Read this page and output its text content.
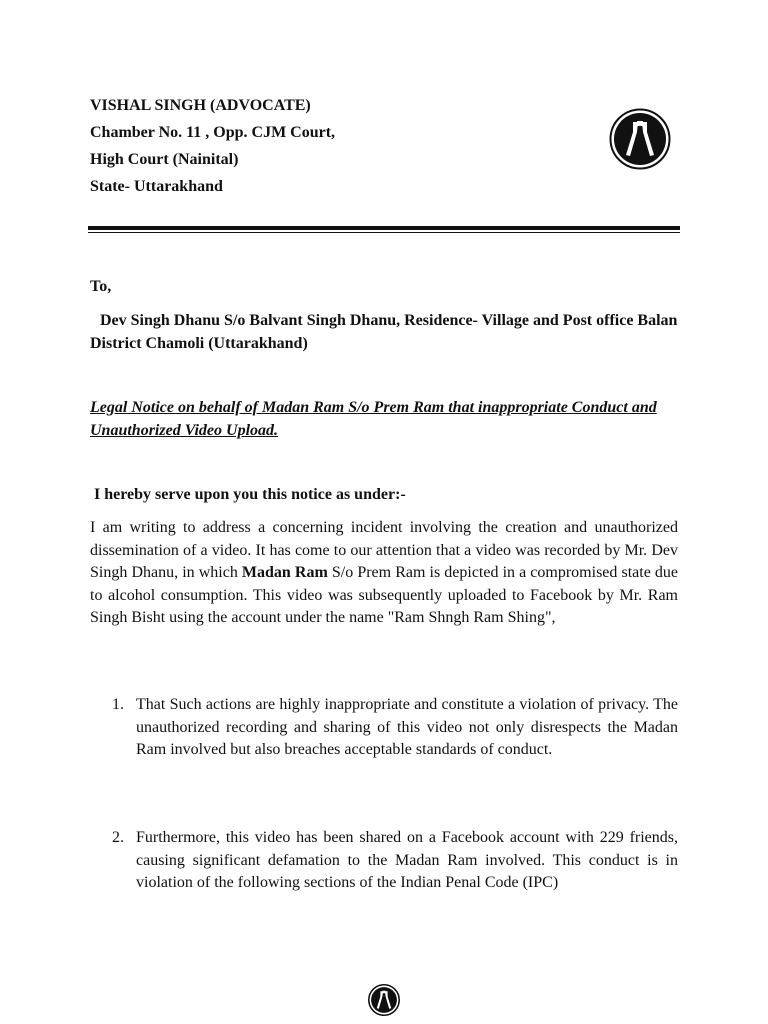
VISHAL SINGH (ADVOCATE)
Chamber No. 11 , Opp. CJM Court,
High Court (Nainital)
State- Uttarakhand
To,
Dev Singh Dhanu S/o Balvant Singh Dhanu, Residence- Village and Post office Balan District Chamoli (Uttarakhand)
Legal Notice on behalf of Madan Ram S/o Prem Ram that inappropriate Conduct and Unauthorized Video Upload.
I hereby serve upon you this notice as under:-
I am writing to address a concerning incident involving the creation and unauthorized dissemination of a video. It has come to our attention that a video was recorded by Mr. Dev Singh Dhanu, in which Madan Ram S/o Prem Ram is depicted in a compromised state due to alcohol consumption. This video was subsequently uploaded to Facebook by Mr. Ram Singh Bisht using the account under the name "Ram Shngh Ram Shing",
1. That Such actions are highly inappropriate and constitute a violation of privacy. The unauthorized recording and sharing of this video not only disrespects the Madan Ram involved but also breaches acceptable standards of conduct.
2. Furthermore, this video has been shared on a Facebook account with 229 friends, causing significant defamation to the Madan Ram involved. This conduct is in violation of the following sections of the Indian Penal Code (IPC)
